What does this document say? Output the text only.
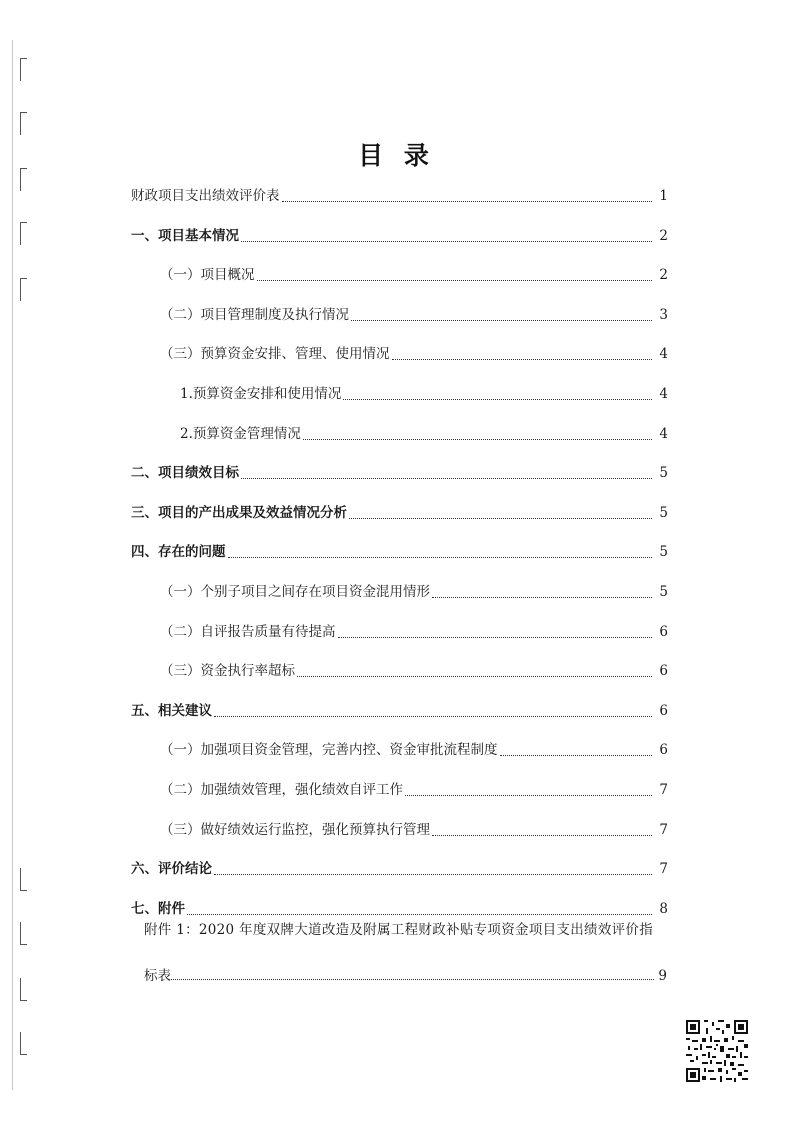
目 录
财政项目支出绩效评价表	1
一、项目基本情况	2
（一）项目概况	2
（二）项目管理制度及执行情况	3
（三）预算资金安排、管理、使用情况	4
1.预算资金安排和使用情况	4
2.预算资金管理情况	4
二、项目绩效目标	5
三、项目的产出成果及效益情况分析	5
四、存在的问题	5
（一）个别子项目之间存在项目资金混用情形	5
（二）自评报告质量有待提高	6
（三）资金执行率超标	6
五、相关建议	6
（一）加强项目资金管理，完善内控、资金审批流程制度	6
（二）加强绩效管理，强化绩效自评工作	7
（三）做好绩效运行监控，强化预算执行管理	7
六、评价结论	7
七、附件	8
附件 1：2020 年度双牌大道改造及附属工程财政补贴专项资金项目支出绩效评价指
标表	9
